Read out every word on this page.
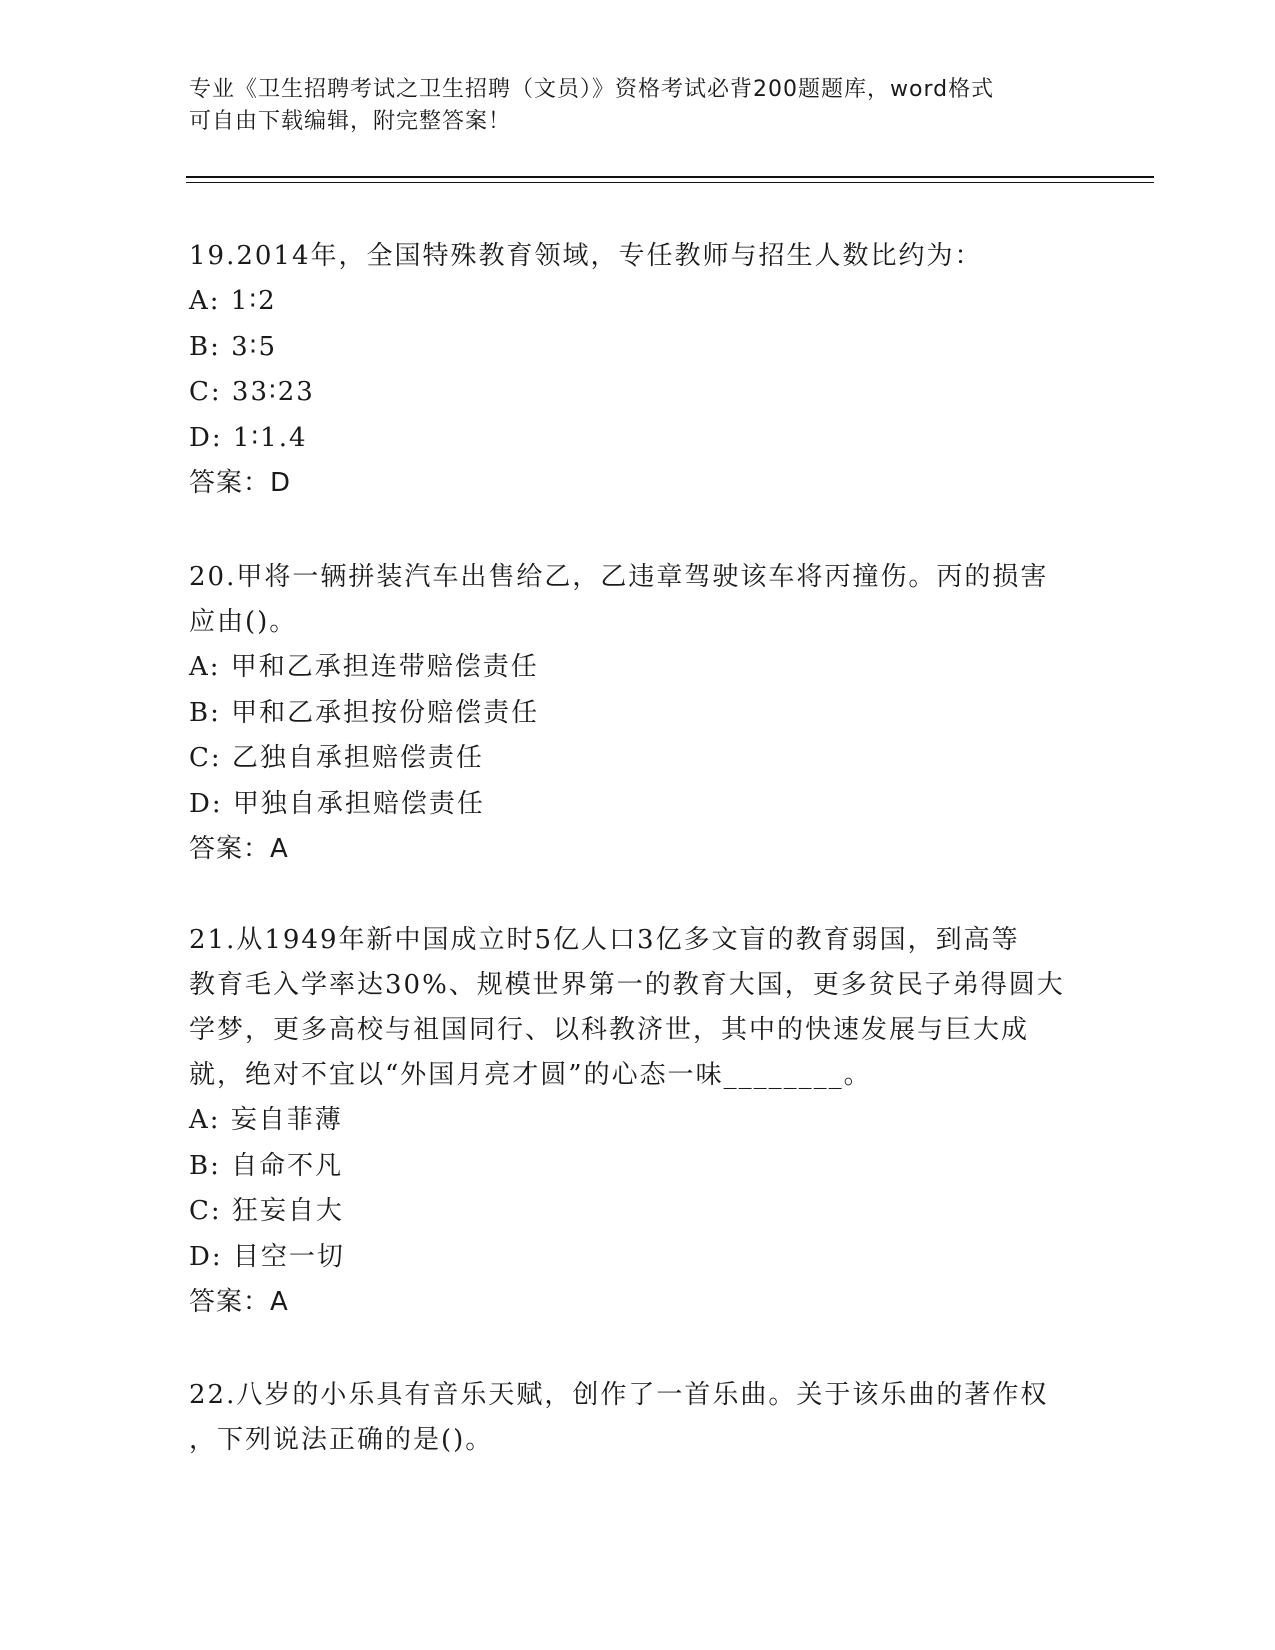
专业《卫生招聘考试之卫生招聘（文员）》资格考试必背200题题库，word格式
可自由下载编辑，附完整答案！

19.2014年，全国特殊教育领域，专任教师与招生人数比约为：

A: 1∶2

B: 3∶5

C: 33∶23

D: 1∶1.4

答案：D

20.甲将一辆拼装汽车出售给乙，乙违章驾驶该车将丙撞伤。丙的损害

应由()。

A: 甲和乙承担连带赔偿责任

B: 甲和乙承担按份赔偿责任

C: 乙独自承担赔偿责任

D: 甲独自承担赔偿责任

答案：A

21.从1949年新中国成立时5亿人口3亿多文盲的教育弱国，到高等

教育毛入学率达30%、规模世界第一的教育大国，更多贫民子弟得圆大

学梦，更多高校与祖国同行、以科教济世，其中的快速发展与巨大成

就，绝对不宜以“外国月亮才圆”的心态一味________。

A: 妄自菲薄

B: 自命不凡

C: 狂妄自大

D: 目空一切

答案：A

22.八岁的小乐具有音乐天赋，创作了一首乐曲。关于该乐曲的著作权

，下列说法正确的是()。
